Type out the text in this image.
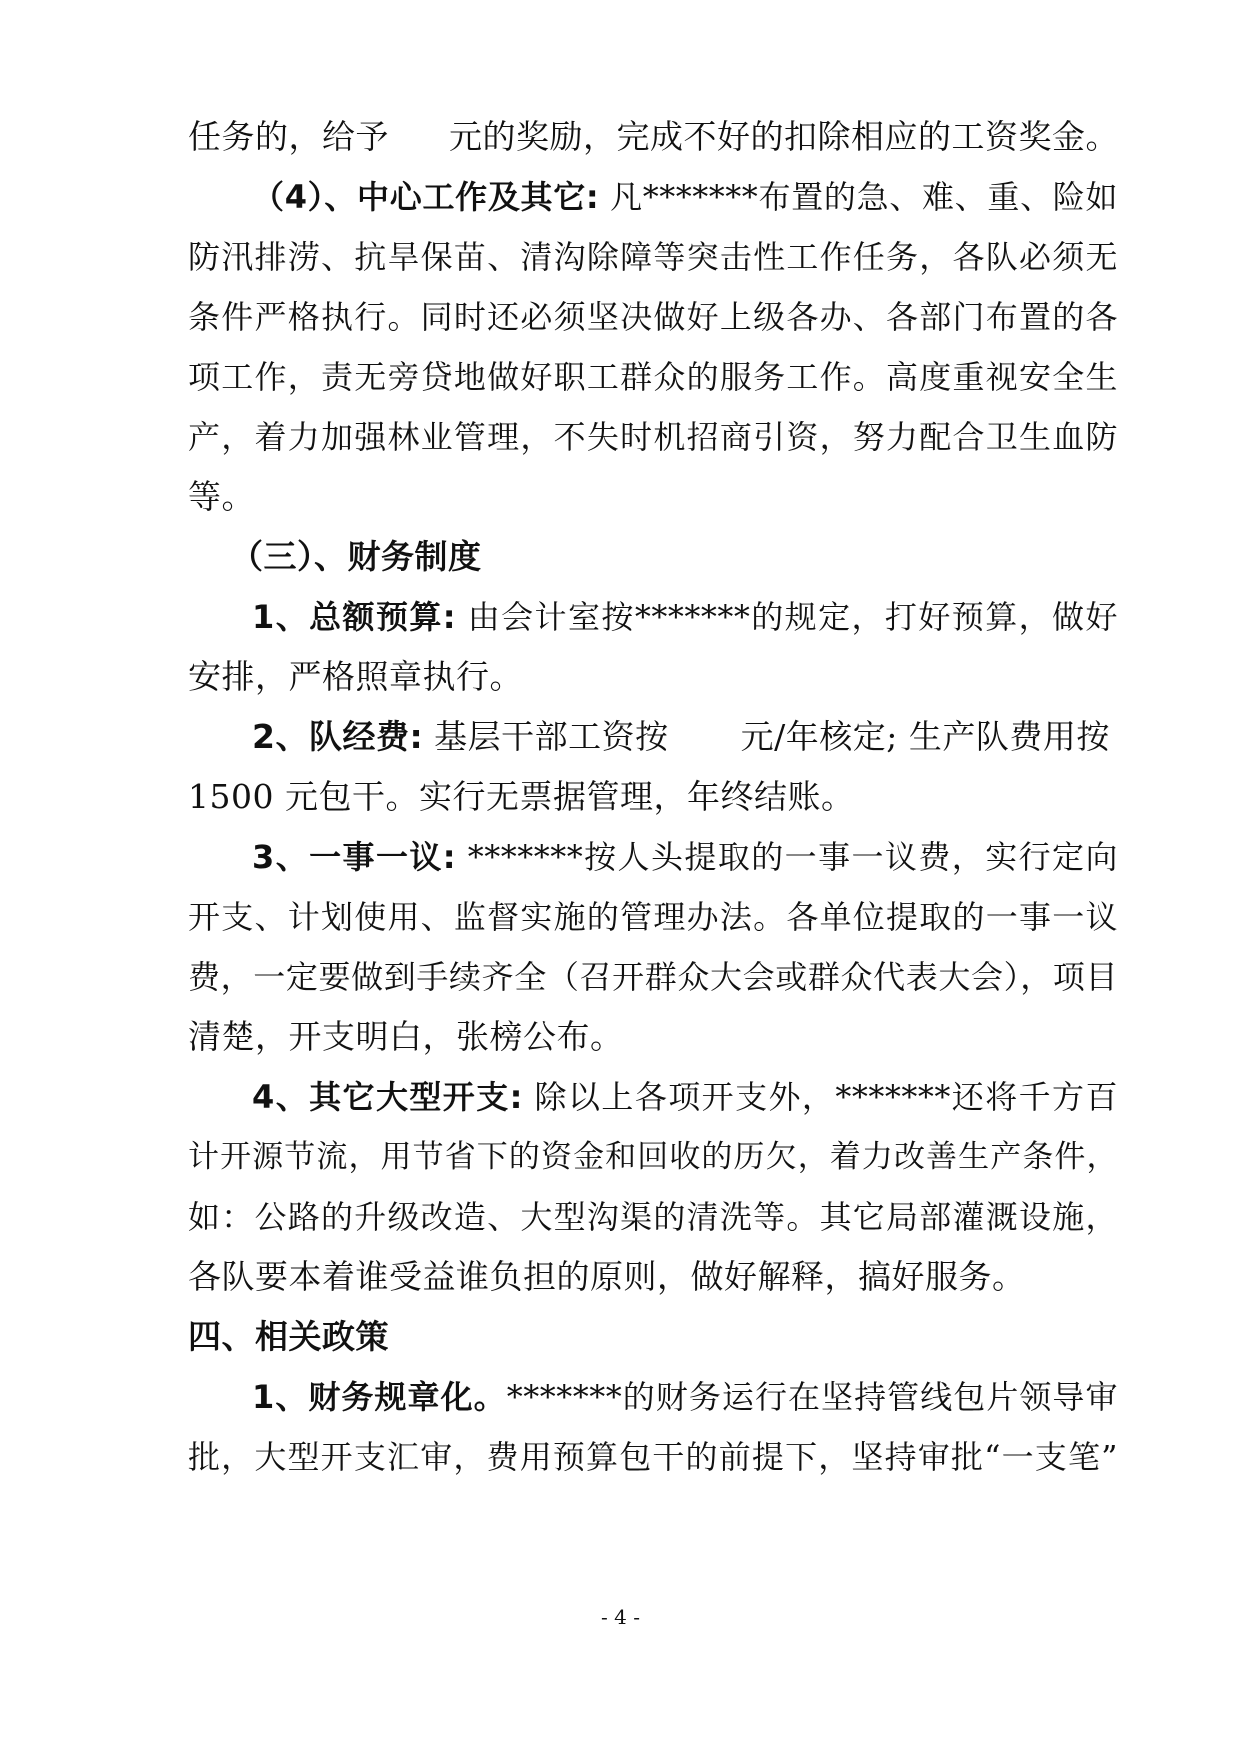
任务的，给予 元的奖励，完成不好的扣除相应的工资奖金。
（4）、中心工作及其它: 凡*******布置的急、难、重、险如
防汛排涝、抗旱保苗、清沟除障等突击性工作任务，各队必须无
条件严格执行。同时还必须坚决做好上级各办、各部门布置的各
项工作，责无旁贷地做好职工群众的服务工作。高度重视安全生
产，着力加强林业管理，不失时机招商引资，努力配合卫生血防
等。
（三）、财务制度
1、总额预算: 由会计室按*******的规定，打好预算，做好
安排，严格照章执行。
2、队经费: 基层干部工资按 元/年核定; 生产队费用按
1500 元包干。实行无票据管理，年终结账。
3、一事一议: *******按人头提取的一事一议费，实行定向
开支、计划使用、监督实施的管理办法。各单位提取的一事一议
费，一定要做到手续齐全（召开群众大会或群众代表大会），项目
清楚，开支明白，张榜公布。
4、其它大型开支: 除以上各项开支外，*******还将千方百
计开源节流，用节省下的资金和回收的历欠，着力改善生产条件，
如：公路的升级改造、大型沟渠的清洗等。其它局部灌溉设施，
各队要本着谁受益谁负担的原则，做好解释，搞好服务。
四、相关政策
1、财务规章化。*******的财务运行在坚持管线包片领导审
批，大型开支汇审，费用预算包干的前提下，坚持审批“一支笔”
- 4 -
